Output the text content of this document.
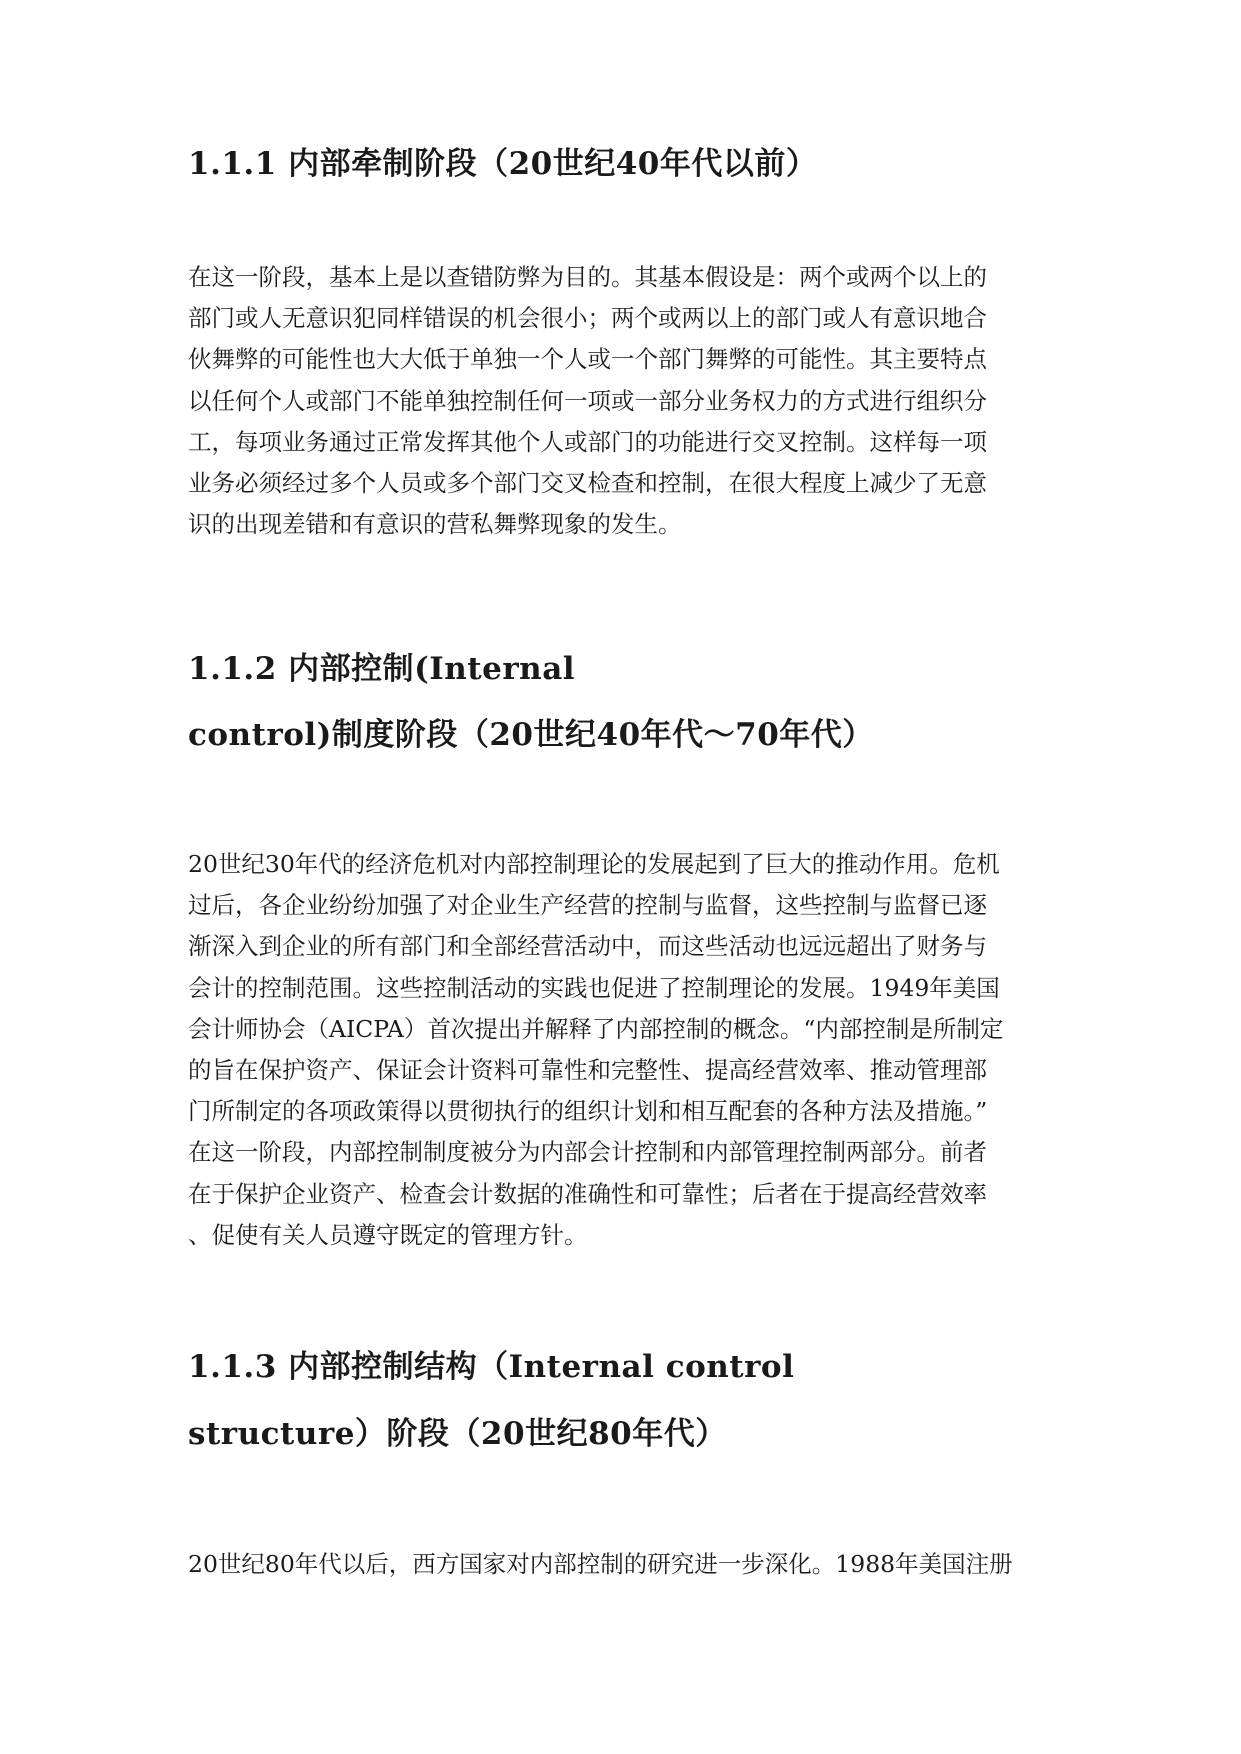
1.1.1 内部牵制阶段（20世纪40年代以前）
在这一阶段，基本上是以查错防弊为目的。其基本假设是：两个或两个以上的
部门或人无意识犯同样错误的机会很小；两个或两以上的部门或人有意识地合
伙舞弊的可能性也大大低于单独一个人或一个部门舞弊的可能性。其主要特点
以任何个人或部门不能单独控制任何一项或一部分业务权力的方式进行组织分
工，每项业务通过正常发挥其他个人或部门的功能进行交叉控制。这样每一项
业务必须经过多个人员或多个部门交叉检查和控制，在很大程度上减少了无意
识的出现差错和有意识的营私舞弊现象的发生。
1.1.2 内部控制(Internal
control)制度阶段（20世纪40年代～70年代）
20世纪30年代的经济危机对内部控制理论的发展起到了巨大的推动作用。危机
过后，各企业纷纷加强了对企业生产经营的控制与监督，这些控制与监督已逐
渐深入到企业的所有部门和全部经营活动中，而这些活动也远远超出了财务与
会计的控制范围。这些控制活动的实践也促进了控制理论的发展。1949年美国
会计师协会（AICPA）首次提出并解释了内部控制的概念。“内部控制是所制定
的旨在保护资产、保证会计资料可靠性和完整性、提高经营效率、推动管理部
门所制定的各项政策得以贯彻执行的组织计划和相互配套的各种方法及措施。”
在这一阶段，内部控制制度被分为内部会计控制和内部管理控制两部分。前者
在于保护企业资产、检查会计数据的准确性和可靠性；后者在于提高经营效率
、促使有关人员遵守既定的管理方针。
1.1.3 内部控制结构（Internal control
structure）阶段（20世纪80年代）
20世纪80年代以后，西方国家对内部控制的研究进一步深化。1988年美国注册
